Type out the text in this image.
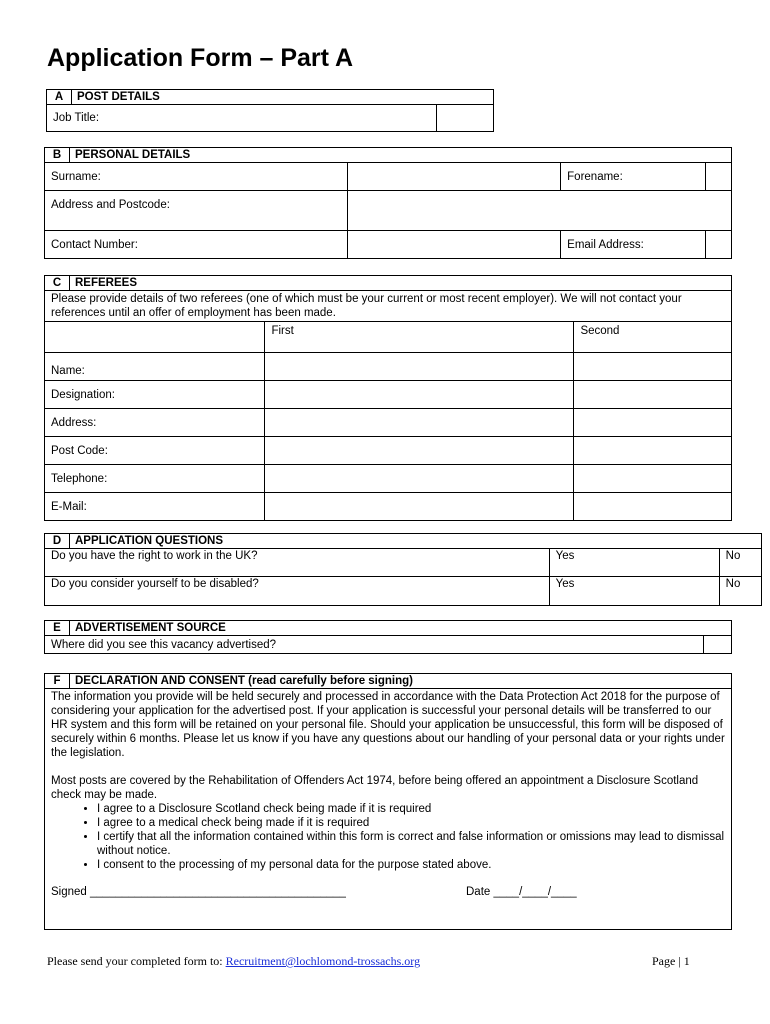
Application Form – Part A
A	POST DETAILS	
Job Title:		
B	PERSONAL DETAILS			
Surname:			Forename:	
Address and Postcode:				
Contact Number:			Email Address:	
C	REFEREES		
Please provide details of two referees (one of which must be your current or most recent employer). We will not contact your references until an offer of employment has been made.			
		First	Second
Name:			
Designation:			
Address:			
Post Code:			
Telephone:			
E-Mail:			
D	APPLICATION QUESTIONS		
Do you have the right to work in the UK?		Yes	No
Do you consider yourself to be disabled?		Yes	No
E	ADVERTISEMENT SOURCE	
Where did you see this vacancy advertised?		
F	DECLARATION AND CONSENT (read carefully before signing)

The information you provide will be held securely and processed in accordance with the Data Protection Act 2018 for the purpose of considering your application for the advertised post. If your application is successful your personal details will be transferred to our HR system and this form will be retained on your personal file. Should your application be unsuccessful, this form will be disposed of securely within 6 months. Please let us know if you have any questions about our handling of your personal data or your rights under the legislation.

Most posts are covered by the Rehabilitation of Offenders Act 1974, before being offered an appointment a Disclosure Scotland check may be made.

• I agree to a Disclosure Scotland check being made if it is required
• I agree to a medical check being made if it is required
• I certify that all the information contained within this form is correct and false information or omissions may lead to dismissal without notice.
• I consent to the processing of my personal data for the purpose stated above.
Signed ________________________________________	Date ____/____/____
Please send your completed form to: Recruitment@lochlomond-trossachs.org	Page | 1
